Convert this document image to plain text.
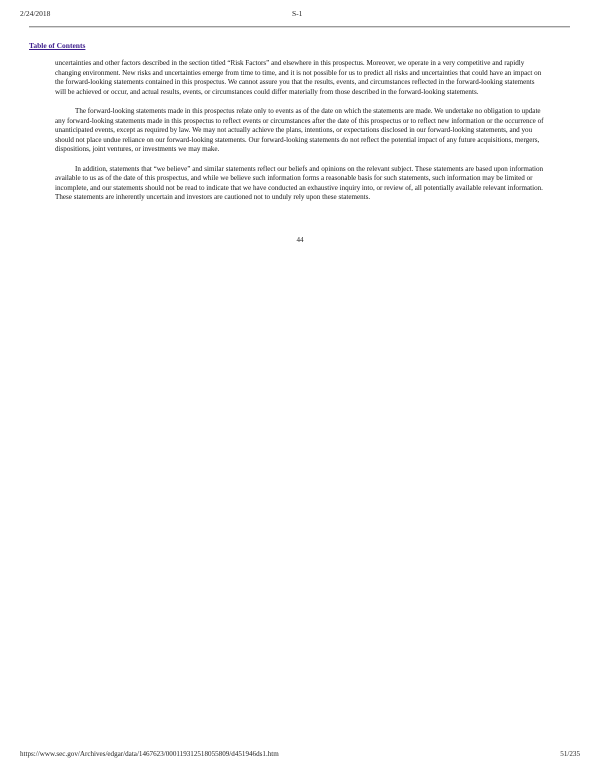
2/24/2018	S-1
Table of Contents

uncertainties and other factors described in the section titled “Risk Factors” and elsewhere in this prospectus. Moreover, we operate in a very competitive and rapidly changing environment. New risks and uncertainties emerge from time to time, and it is not possible for us to predict all risks and uncertainties that could have an impact on the forward-looking statements contained in this prospectus. We cannot assure you that the results, events, and circumstances reflected in the forward-looking statements will be achieved or occur, and actual results, events, or circumstances could differ materially from those described in the forward-looking statements.

The forward-looking statements made in this prospectus relate only to events as of the date on which the statements are made. We undertake no obligation to update any forward-looking statements made in this prospectus to reflect events or circumstances after the date of this prospectus or to reflect new information or the occurrence of unanticipated events, except as required by law. We may not actually achieve the plans, intentions, or expectations disclosed in our forward-looking statements, and you should not place undue reliance on our forward-looking statements. Our forward-looking statements do not reflect the potential impact of any future acquisitions, mergers, dispositions, joint ventures, or investments we may make.

In addition, statements that “we believe” and similar statements reflect our beliefs and opinions on the relevant subject. These statements are based upon information available to us as of the date of this prospectus, and while we believe such information forms a reasonable basis for such statements, such information may be limited or incomplete, and our statements should not be read to indicate that we have conducted an exhaustive inquiry into, or review of, all potentially available relevant information. These statements are inherently uncertain and investors are cautioned not to unduly rely upon these statements.

44
https://www.sec.gov/Archives/edgar/data/1467623/000119312518055809/d451946ds1.htm	51/235
